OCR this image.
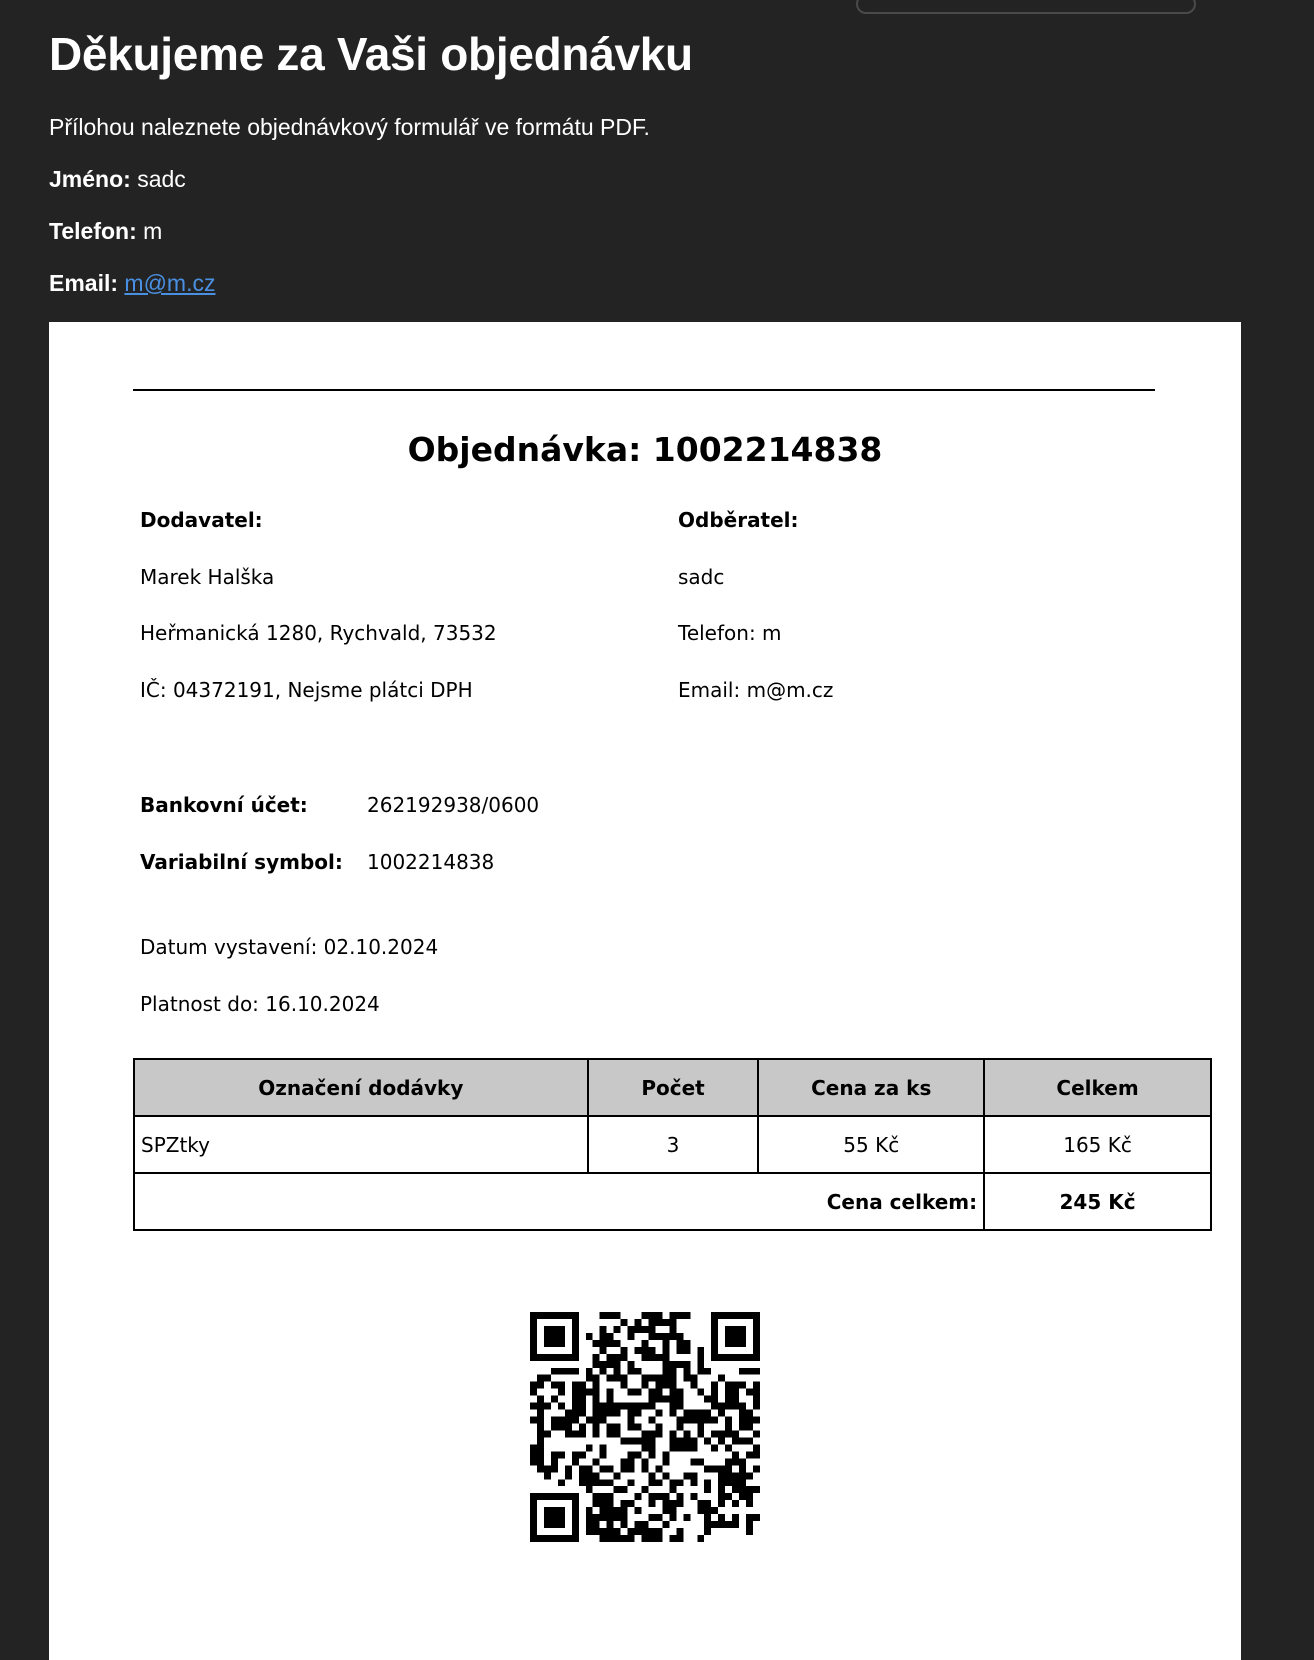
Děkujeme za Vaši objednávku

Přílohou naleznete objednávkový formulář ve formátu PDF.

Jméno: sadc

Telefon: m

Email: m@m.cz

Objednávka: 1002214838
Dodavatel:
Marek Halška
Heřmanická 1280, Rychvald, 73532
IČ: 04372191, Nejsme plátci DPH
Odběratel:
sadc
Telefon: m
Email: m@m.cz
Bankovní účet:	262192938/0600
Variabilní symbol: 1002214838
Datum vystavení: 02.10.2024
Platnost do: 16.10.2024
Označení dodávky	Počet	Cena za ks	Celkem
SPZtky	3	55 Kč	165 Kč
Cena celkem:			245 Kč
